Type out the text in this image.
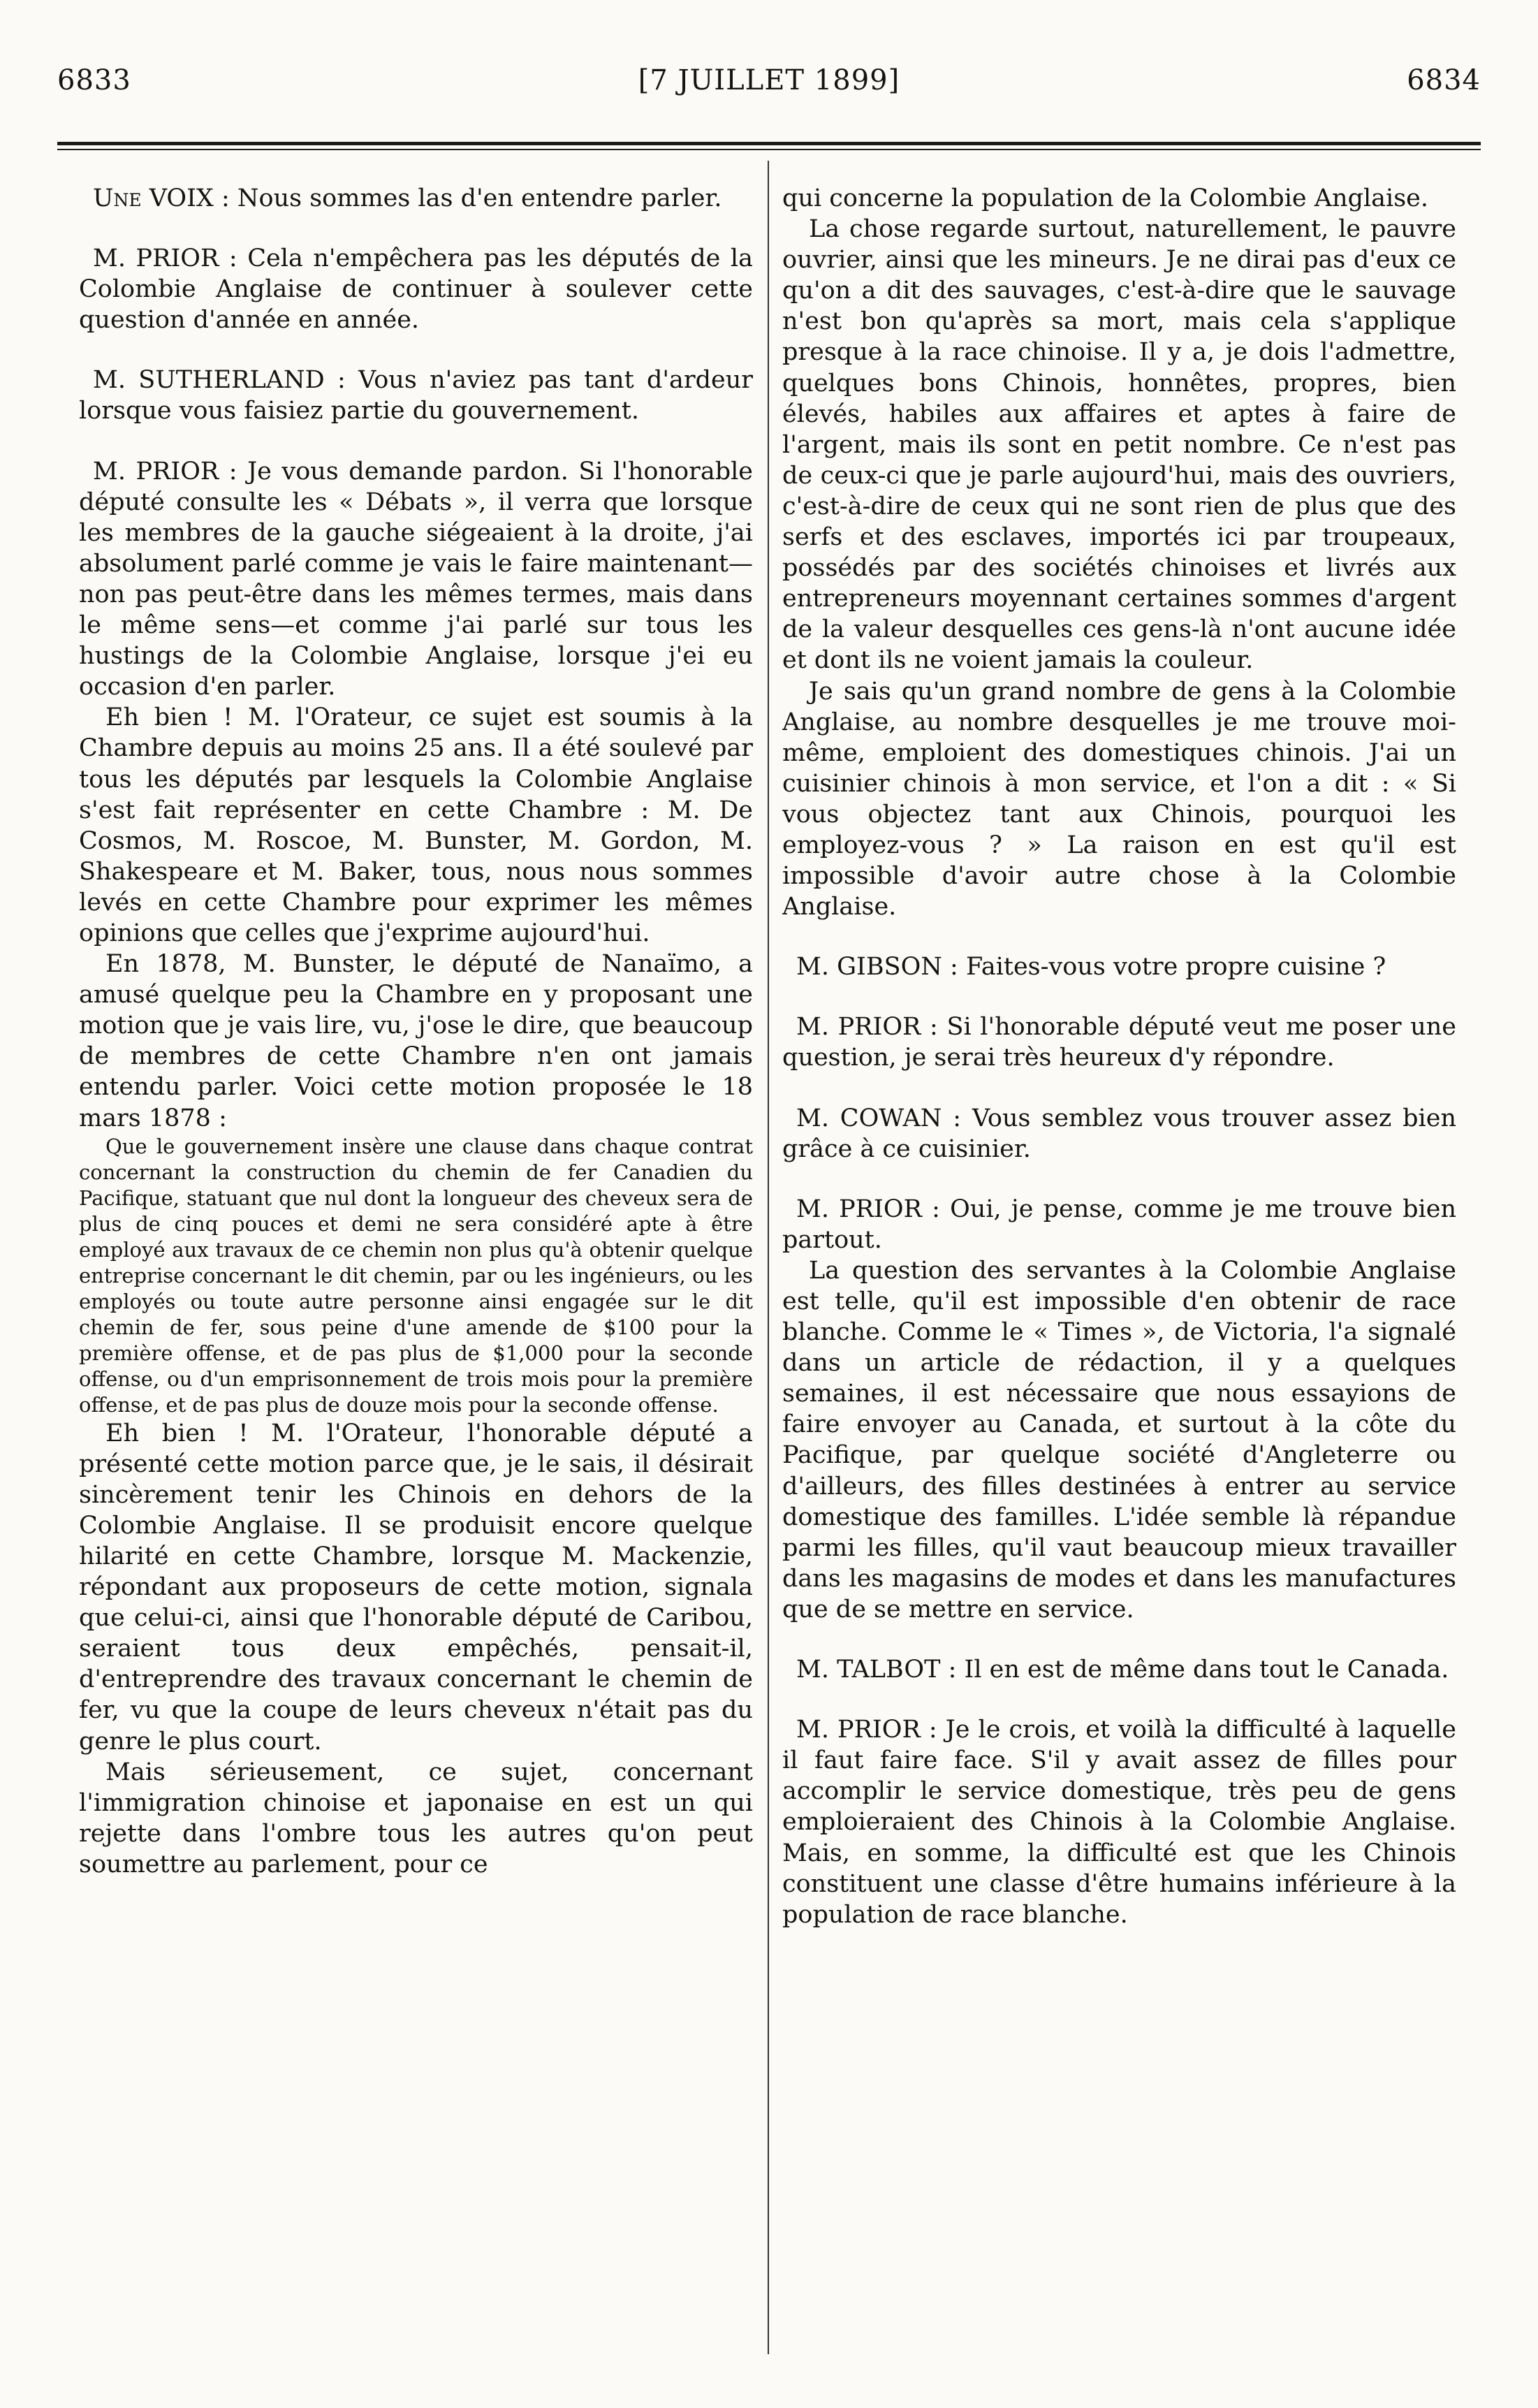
6833	[7 JUILLET 1899]	6834

Une VOIX : Nous sommes las d'en entendre parler.

M. PRIOR : Cela n'empêchera pas les députés de la Colombie Anglaise de continuer à soulever cette question d'année en année.

M. SUTHERLAND : Vous n'aviez pas tant d'ardeur lorsque vous faisiez partie du gouvernement.

M. PRIOR : Je vous demande pardon. Si l'honorable député consulte les « Débats », il verra que lorsque les membres de la gauche siégeaient à la droite, j'ai absolument parlé comme je vais le faire maintenant—non pas peut-être dans les mêmes termes, mais dans le même sens—et comme j'ai parlé sur tous les hustings de la Colombie Anglaise, lorsque j'ei eu occasion d'en parler.

Eh bien ! M. l'Orateur, ce sujet est soumis à la Chambre depuis au moins 25 ans. Il a été soulevé par tous les députés par lesquels la Colombie Anglaise s'est fait représenter en cette Chambre : M. De Cosmos, M. Roscoe, M. Bunster, M. Gordon, M. Shakespeare et M. Baker, tous, nous nous sommes levés en cette Chambre pour exprimer les mêmes opinions que celles que j'exprime aujourd'hui.

En 1878, M. Bunster, le député de Nanaïmo, a amusé quelque peu la Chambre en y proposant une motion que je vais lire, vu, j'ose le dire, que beaucoup de membres de cette Chambre n'en ont jamais entendu parler. Voici cette motion proposée le 18 mars 1878 :

Que le gouvernement insère une clause dans chaque contrat concernant la construction du chemin de fer Canadien du Pacifique, statuant que nul dont la longueur des cheveux sera de plus de cinq pouces et demi ne sera considéré apte à être employé aux travaux de ce chemin non plus qu'à obtenir quelque entreprise concernant le dit chemin, par ou les ingénieurs, ou les employés ou toute autre personne ainsi engagée sur le dit chemin de fer, sous peine d'une amende de $100 pour la première offense, et de pas plus de $1,000 pour la seconde offense, ou d'un emprisonnement de trois mois pour la première offense, et de pas plus de douze mois pour la seconde offense.

Eh bien ! M. l'Orateur, l'honorable député a présenté cette motion parce que, je le sais, il désirait sincèrement tenir les Chinois en dehors de la Colombie Anglaise. Il se produisit encore quelque hilarité en cette Chambre, lorsque M. Mackenzie, répondant aux proposeurs de cette motion, signala que celui-ci, ainsi que l'honorable député de Caribou, seraient tous deux empêchés, pensait-il, d'entreprendre des travaux concernant le chemin de fer, vu que la coupe de leurs cheveux n'était pas du genre le plus court.

Mais sérieusement, ce sujet, concernant l'immigration chinoise et japonaise en est un qui rejette dans l'ombre tous les autres qu'on peut soumettre au parlement, pour ce

qui concerne la population de la Colombie Anglaise.

La chose regarde surtout, naturellement, le pauvre ouvrier, ainsi que les mineurs. Je ne dirai pas d'eux ce qu'on a dit des sauvages, c'est-à-dire que le sauvage n'est bon qu'après sa mort, mais cela s'applique presque à la race chinoise. Il y a, je dois l'admettre, quelques bons Chinois, honnêtes, propres, bien élevés, habiles aux affaires et aptes à faire de l'argent, mais ils sont en petit nombre. Ce n'est pas de ceux-ci que je parle aujourd'hui, mais des ouvriers, c'est-à-dire de ceux qui ne sont rien de plus que des serfs et des esclaves, importés ici par troupeaux, possédés par des sociétés chinoises et livrés aux entrepreneurs moyennant certaines sommes d'argent de la valeur desquelles ces gens-là n'ont aucune idée et dont ils ne voient jamais la couleur.

Je sais qu'un grand nombre de gens à la Colombie Anglaise, au nombre desquelles je me trouve moi-même, emploient des domestiques chinois. J'ai un cuisinier chinois à mon service, et l'on a dit : « Si vous objectez tant aux Chinois, pourquoi les employez-vous ? » La raison en est qu'il est impossible d'avoir autre chose à la Colombie Anglaise.

M. GIBSON : Faites-vous votre propre cuisine ?

M. PRIOR : Si l'honorable député veut me poser une question, je serai très heureux d'y répondre.

M. COWAN : Vous semblez vous trouver assez bien grâce à ce cuisinier.

M. PRIOR : Oui, je pense, comme je me trouve bien partout.

La question des servantes à la Colombie Anglaise est telle, qu'il est impossible d'en obtenir de race blanche. Comme le « Times », de Victoria, l'a signalé dans un article de rédaction, il y a quelques semaines, il est nécessaire que nous essayions de faire envoyer au Canada, et surtout à la côte du Pacifique, par quelque société d'Angleterre ou d'ailleurs, des filles destinées à entrer au service domestique des familles. L'idée semble là répandue parmi les filles, qu'il vaut beaucoup mieux travailler dans les magasins de modes et dans les manufactures que de se mettre en service.

M. TALBOT : Il en est de même dans tout le Canada.

M. PRIOR : Je le crois, et voilà la difficulté à laquelle il faut faire face. S'il y avait assez de filles pour accomplir le service domestique, très peu de gens emploieraient des Chinois à la Colombie Anglaise. Mais, en somme, la difficulté est que les Chinois constituent une classe d'être humains inférieure à la population de race blanche.
